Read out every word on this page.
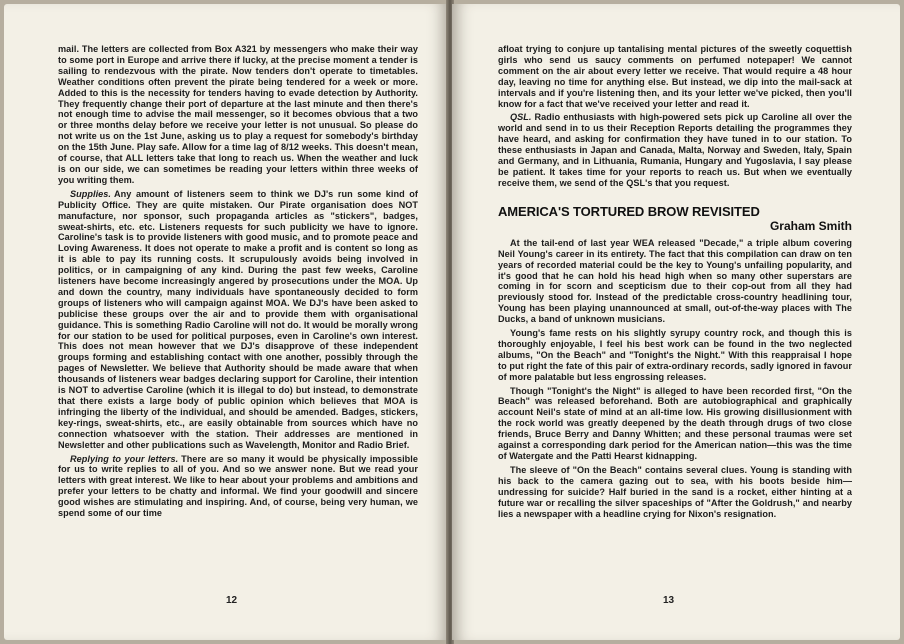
mail. The letters are collected from Box A321 by messengers who make their way to some port in Europe and arrive there if lucky, at the precise moment a tender is sailing to rendezvous with the pirate. Now tenders don't operate to timetables. Weather conditions often prevent the pirate being tendered for a week or more. Added to this is the necessity for tenders having to evade detection by Authority. They frequently change their port of departure at the last minute and then there's not enough time to advise the mail messenger, so it becomes obvious that a two or three months delay before we receive your letter is not unusual. So please do not write us on the 1st June, asking us to play a request for somebody's birthday on the 15th June. Play safe. Allow for a time lag of 8/12 weeks. This doesn't mean, of course, that ALL letters take that long to reach us. When the weather and luck is on our side, we can sometimes be reading your letters within three weeks of you writing them.

Supplies. Any amount of listeners seem to think we DJ's run some kind of Publicity Office. They are quite mistaken. Our Pirate organisation does NOT manufacture, nor sponsor, such propaganda articles as "stickers", badges, sweat-shirts, etc. etc. Listeners requests for such publicity we have to ignore. Caroline's task is to provide listeners with good music, and to promote peace and Loving Awareness. It does not operate to make a profit and is content so long as it is able to pay its running costs. It scrupulously avoids being involved in politics, or in campaigning of any kind. During the past few weeks, Caroline listeners have become increasingly angered by prosecutions under the MOA. Up and down the country, many individuals have spontaneously decided to form groups of listeners who will campaign against MOA. We DJ's have been asked to publicise these groups over the air and to provide them with organisational guidance. This is something Radio Caroline will not do. It would be morally wrong for our station to be used for political purposes, even in Caroline's own interest. This does not mean however that we DJ's disapprove of these independent groups forming and establishing contact with one another, possibly through the pages of Newsletter. We believe that Authority should be made aware that when thousands of listeners wear badges declaring support for Caroline, their intention is NOT to advertise Caroline (which it is illegal to do) but instead, to demonstrate that there exists a large body of public opinion which believes that MOA is infringing the liberty of the individual, and should be amended. Badges, stickers, key-rings, sweat-shirts, etc., are easily obtainable from sources which have no connection whatsoever with the station. Their addresses are mentioned in Newsletter and other publications such as Wavelength, Monitor and Radio Brief.

Replying to your letters. There are so many it would be physically impossible for us to write replies to all of you. And so we answer none. But we read your letters with great interest. We like to hear about your problems and ambitions and prefer your letters to be chatty and informal. We find your goodwill and sincere good wishes are stimulating and inspiring. And, of course, being very human, we spend some of our time

12

afloat trying to conjure up tantalising mental pictures of the sweetly coquettish girls who send us saucy comments on perfumed notepaper! We cannot comment on the air about every letter we receive. That would require a 48 hour day, leaving no time for anything else. But instead, we dip into the mail-sack at intervals and if you're listening then, and its your letter we've picked, then you'll know for a fact that we've received your letter and read it.

QSL. Radio enthusiasts with high-powered sets pick up Caroline all over the world and send in to us their Reception Reports detailing the programmes they have heard, and asking for confirmation they have tuned in to our station. To these enthusiasts in Japan and Canada, Malta, Norway and Sweden, Italy, Spain and Germany, and in Lithuania, Rumania, Hungary and Yugoslavia, I say please be patient. It takes time for your reports to reach us. But when we eventually receive them, we send of the QSL's that you request.

AMERICA'S TORTURED BROW REVISITED
Graham Smith

At the tail-end of last year WEA released "Decade," a triple album covering Neil Young's career in its entirety. The fact that this compilation can draw on ten years of recorded material could be the key to Young's unfailing popularity, and it's good that he can hold his head high when so many other superstars are coming in for scorn and scepticism due to their cop-out from all they had previously stood for. Instead of the predictable cross-country headlining tour, Young has been playing unannounced at small, out-of-the-way places with The Ducks, a band of unknown musicians.

Young's fame rests on his slightly syrupy country rock, and though this is thoroughly enjoyable, I feel his best work can be found in the two neglected albums, "On the Beach" and "Tonight's the Night." With this reappraisal I hope to put right the fate of this pair of extra-ordinary records, sadly ignored in favour of more palatable but less engrossing releases.

Though "Tonight's the Night" is alleged to have been recorded first, "On the Beach" was released beforehand. Both are autobiographical and graphically account Neil's state of mind at an all-time low. His growing disillusionment with the rock world was greatly deepened by the death through drugs of two close friends, Bruce Berry and Danny Whitten; and these personal traumas were set against a corresponding dark period for the American nation—this was the time of Watergate and the Patti Hearst kidnapping.

The sleeve of "On the Beach" contains several clues. Young is standing with his back to the camera gazing out to sea, with his boots beside him—undressing for suicide? Half buried in the sand is a rocket, either hinting at a future war or recalling the silver spaceships of "After the Goldrush," and nearby lies a newspaper with a headline crying for Nixon's resignation.

13
